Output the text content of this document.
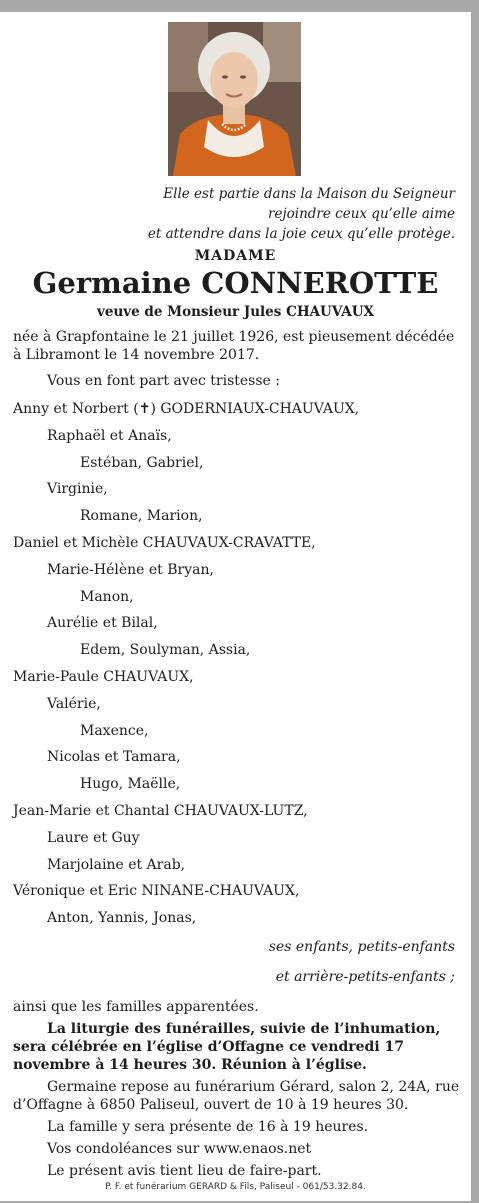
Elle est partie dans la Maison du Seigneur
rejoindre ceux qu’elle aime
et attendre dans la joie ceux qu’elle protège.
MADAME
Germaine CONNEROTTE
veuve de Monsieur Jules CHAUVAUX

née à Grapfontaine le 21 juillet 1926, est pieusement décédée à Libramont le 14 novembre 2017.

Vous en font part avec tristesse :

Anny et Norbert (✝) GODERNIAUX-CHAUVAUX,
Raphaël et Anaïs,
Estéban, Gabriel,
Virginie,
Romane, Marion,
Daniel et Michèle CHAUVAUX-CRAVATTE,
Marie-Hélène et Bryan,
Manon,
Aurélie et Bilal,
Edem, Soulyman, Assia,
Marie-Paule CHAUVAUX,
Valérie,
Maxence,
Nicolas et Tamara,
Hugo, Maëlle,
Jean-Marie et Chantal CHAUVAUX-LUTZ,
Laure et Guy
Marjolaine et Arab,
Véronique et Eric NINANE-CHAUVAUX,
Anton, Yannis, Jonas,
ses enfants, petits-enfants
et arrière-petits-enfants ;

ainsi que les familles apparentées.

La liturgie des funérailles, suivie de l’inhumation, sera célébrée en l’église d’Offagne ce vendredi 17 novembre à 14 heures 30. Réunion à l’église.

Germaine repose au funérarium Gérard, salon 2, 24A, rue d’Offagne à 6850 Paliseul, ouvert de 10 à 19 heures 30.

La famille y sera présente de 16 à 19 heures.

Vos condoléances sur www.enaos.net

Le présent avis tient lieu de faire-part.

P. F. et funérarium GERARD & Fils, Paliseul - 061/53.32.84.
